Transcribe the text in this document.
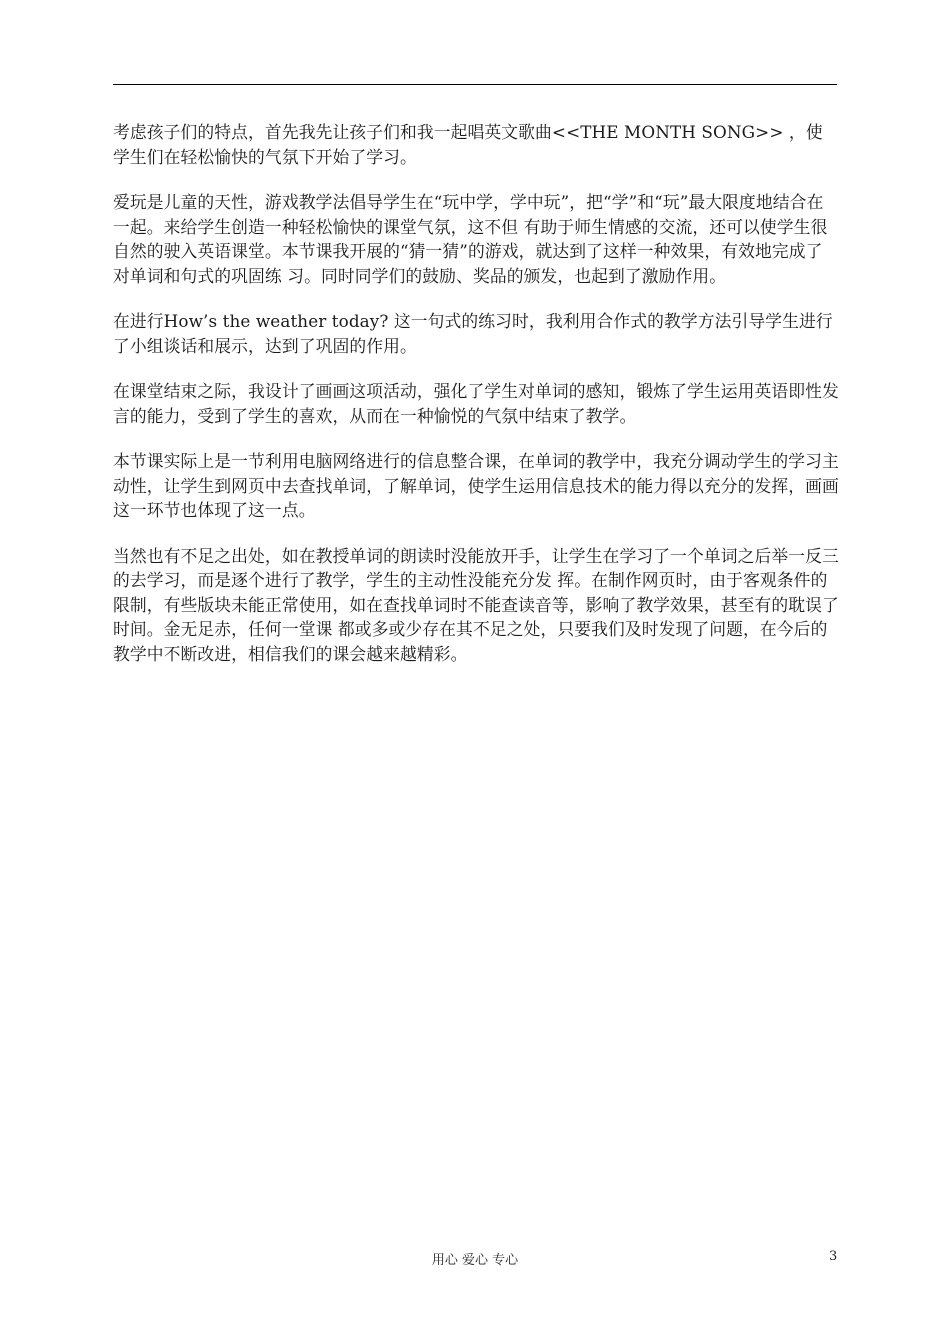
考虑孩子们的特点，首先我先让孩子们和我一起唱英文歌曲<<THE MONTH SONG>> ，使学生们在轻松愉快的气氛下开始了学习。

爱玩是儿童的天性，游戏教学法倡导学生在“玩中学，学中玩”，把“学”和“玩”最大限度地结合在一起。来给学生创造一种轻松愉快的课堂气氛，这不但 有助于师生情感的交流，还可以使学生很自然的驶入英语课堂。本节课我开展的“猜一猜”的游戏，就达到了这样一种效果，有效地完成了对单词和句式的巩固练 习。同时同学们的鼓励、奖品的颁发，也起到了激励作用。

在进行How’s the weather today? 这一句式的练习时，我利用合作式的教学方法引导学生进行了小组谈话和展示，达到了巩固的作用。

在课堂结束之际，我设计了画画这项活动，强化了学生对单词的感知，锻炼了学生运用英语即性发言的能力，受到了学生的喜欢，从而在一种愉悦的气氛中结束了教学。

本节课实际上是一节利用电脑网络进行的信息整合课，在单词的教学中，我充分调动学生的学习主动性，让学生到网页中去查找单词，了解单词，使学生运用信息技术的能力得以充分的发挥，画画这一环节也体现了这一点。

当然也有不足之出处，如在教授单词的朗读时没能放开手，让学生在学习了一个单词之后举一反三的去学习，而是逐个进行了教学，学生的主动性没能充分发 挥。在制作网页时，由于客观条件的限制，有些版块未能正常使用，如在查找单词时不能查读音等，影响了教学效果，甚至有的耽误了时间。金无足赤，任何一堂课 都或多或少存在其不足之处，只要我们及时发现了问题，在今后的教学中不断改进，相信我们的课会越来越精彩。

用心 爱心 专心	3
